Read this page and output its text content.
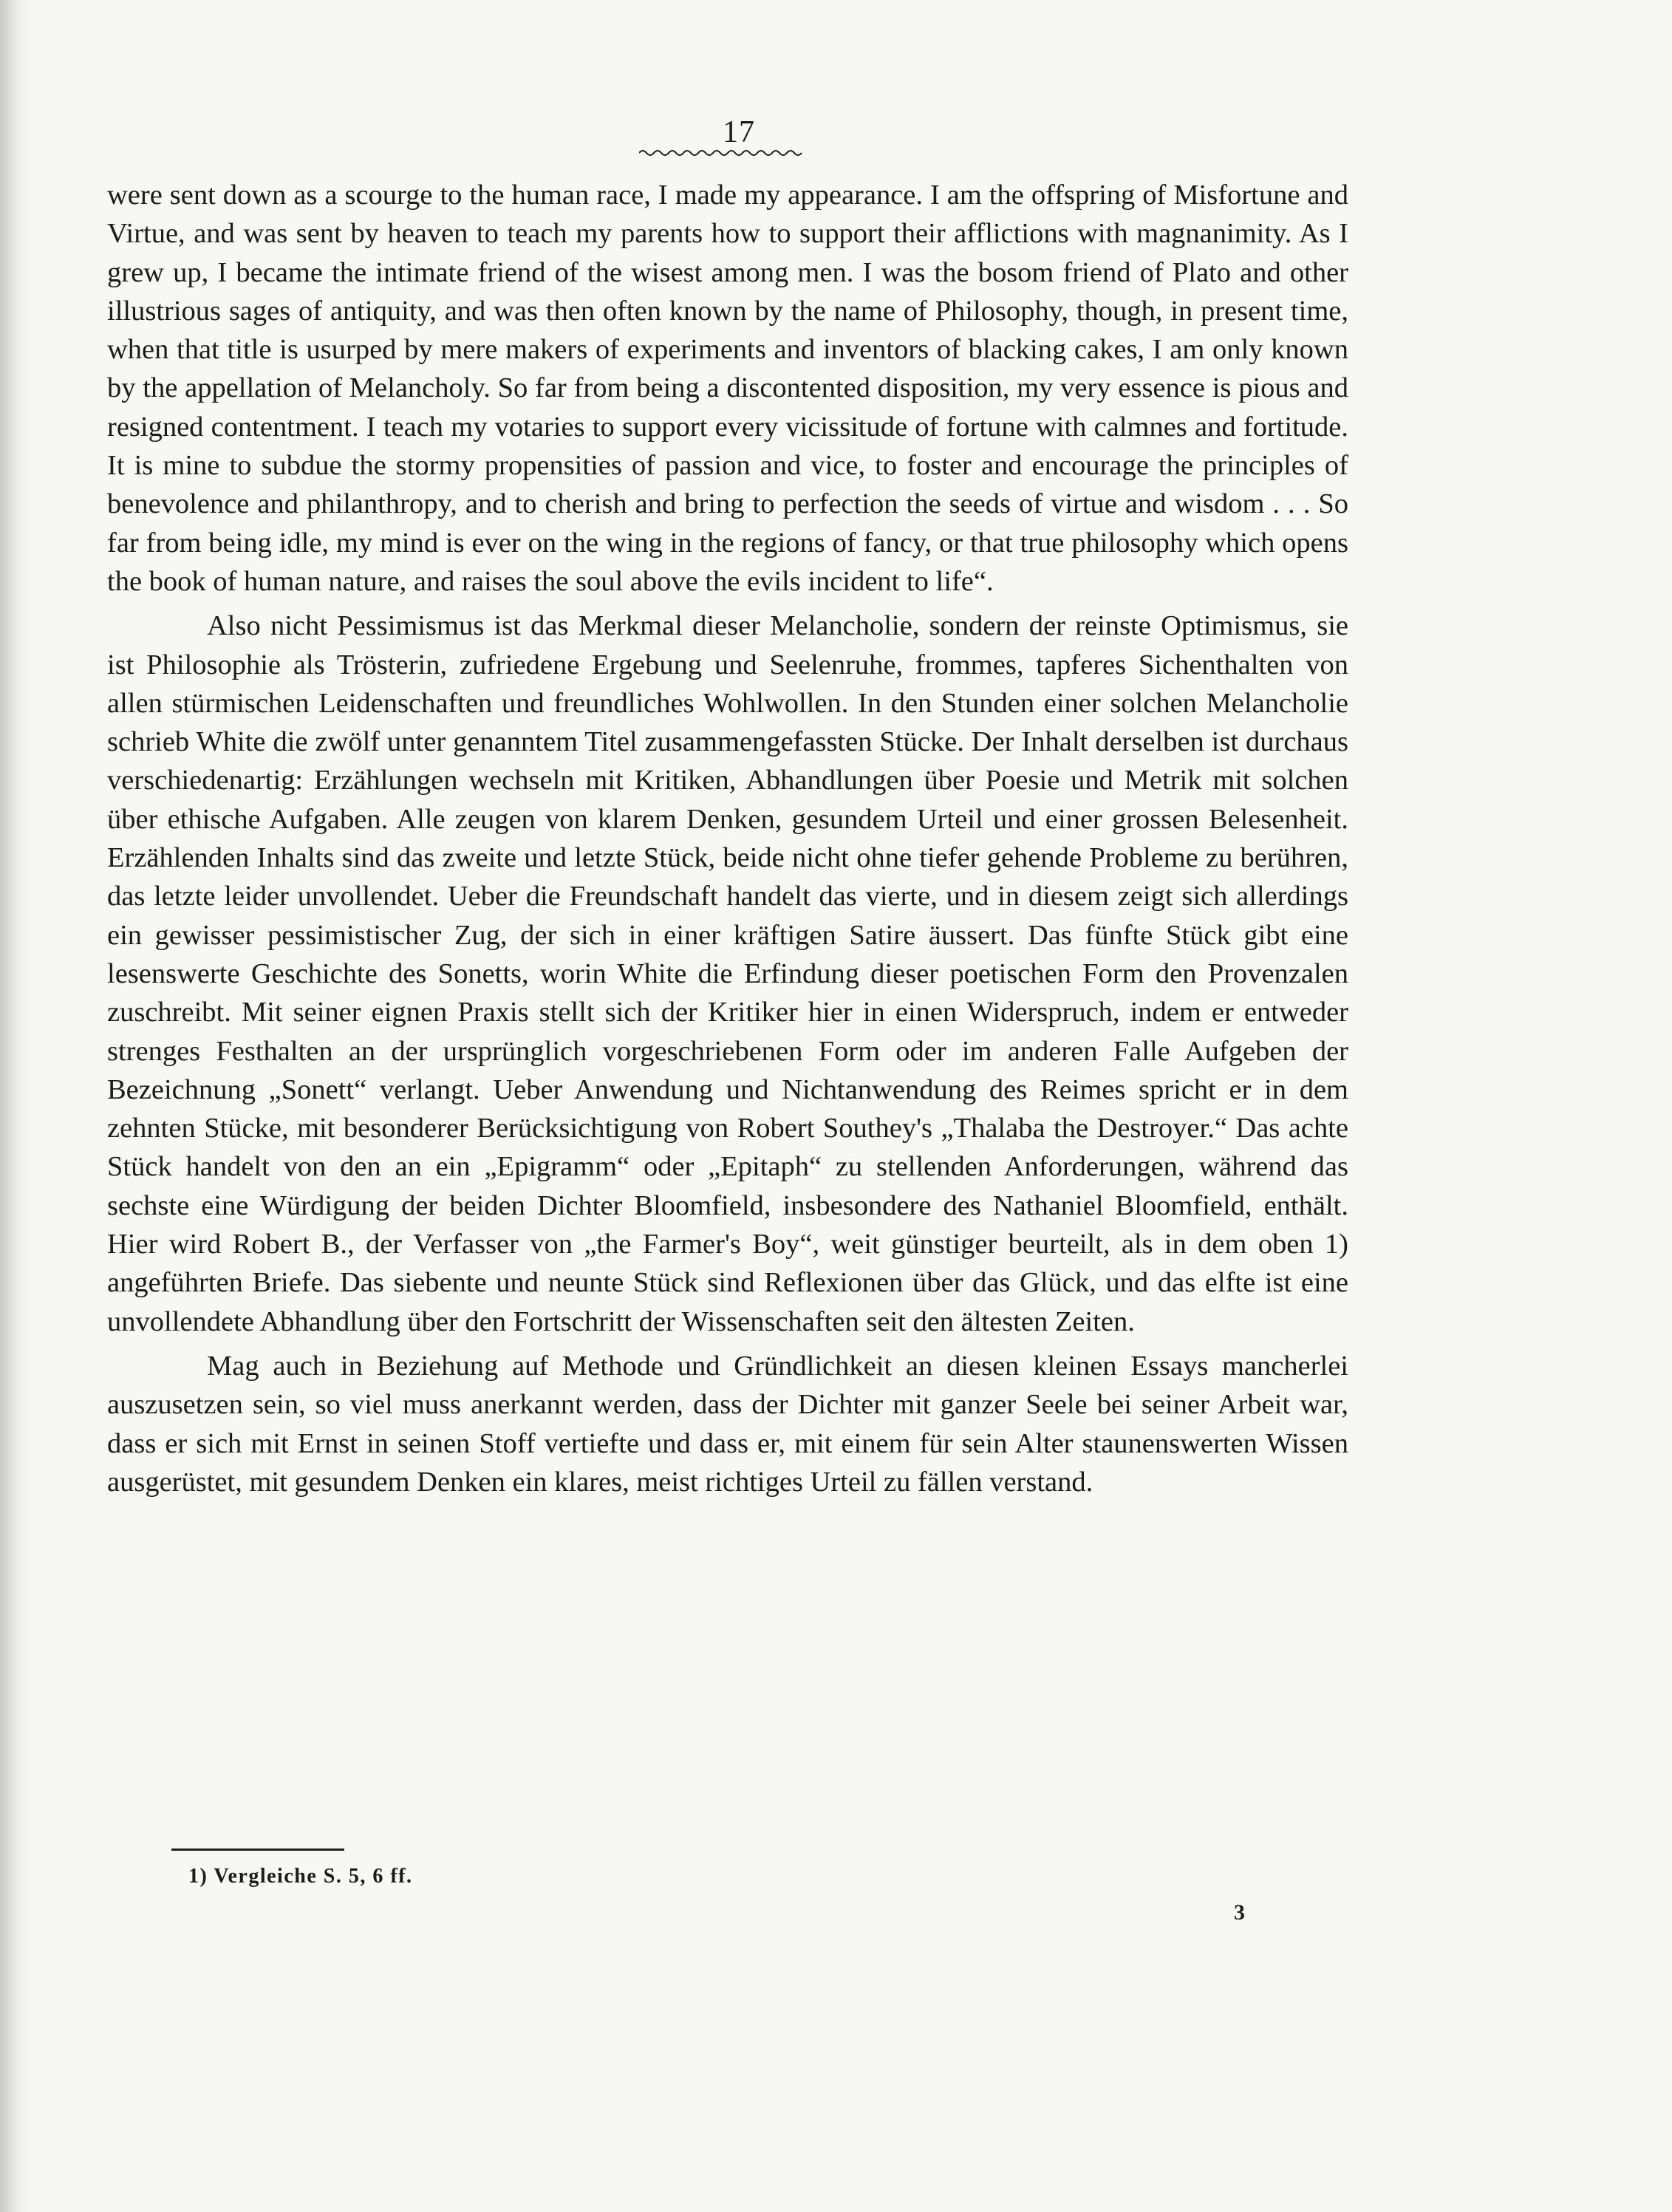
17

were sent down as a scourge to the human race, I made my appearance. I am the offspring of Misfortune and Virtue, and was sent by heaven to teach my parents how to support their afflictions with magnanimity. As I grew up, I became the intimate friend of the wisest among men. I was the bosom friend of Plato and other illustrious sages of antiquity, and was then often known by the name of Philosophy, though, in present time, when that title is usurped by mere makers of experiments and inventors of blacking cakes, I am only known by the appellation of Melancholy. So far from being a discontented disposition, my very essence is pious and resigned contentment. I teach my votaries to support every vicissitude of fortune with calmnes and fortitude. It is mine to subdue the stormy propensities of passion and vice, to foster and encourage the principles of benevolence and philanthropy, and to cherish and bring to perfection the seeds of virtue and wisdom . . . So far from being idle, my mind is ever on the wing in the regions of fancy, or that true philosophy which opens the book of human nature, and raises the soul above the evils incident to life“.

Also nicht Pessimismus ist das Merkmal dieser Melancholie, sondern der reinste Optimismus, sie ist Philosophie als Trösterin, zufriedene Ergebung und Seelenruhe, frommes, tapferes Sichenthalten von allen stürmischen Leidenschaften und freundliches Wohlwollen. In den Stunden einer solchen Melancholie schrieb White die zwölf unter genanntem Titel zusammengefassten Stücke. Der Inhalt derselben ist durchaus verschiedenartig: Erzählungen wechseln mit Kritiken, Abhandlungen über Poesie und Metrik mit solchen über ethische Aufgaben. Alle zeugen von klarem Denken, gesundem Urteil und einer grossen Belesenheit. Erzählenden Inhalts sind das zweite und letzte Stück, beide nicht ohne tiefer gehende Probleme zu berühren, das letzte leider unvollendet. Ueber die Freundschaft handelt das vierte, und in diesem zeigt sich allerdings ein gewisser pessimistischer Zug, der sich in einer kräftigen Satire äussert. Das fünfte Stück gibt eine lesenswerte Geschichte des Sonetts, worin White die Erfindung dieser poetischen Form den Provenzalen zuschreibt. Mit seiner eignen Praxis stellt sich der Kritiker hier in einen Widerspruch, indem er entweder strenges Festhalten an der ursprünglich vorgeschriebenen Form oder im anderen Falle Aufgeben der Bezeichnung „Sonett“ verlangt. Ueber Anwendung und Nichtanwendung des Reimes spricht er in dem zehnten Stücke, mit besonderer Berücksichtigung von Robert Southey's „Thalaba the Destroyer.“ Das achte Stück handelt von den an ein „Epigramm“ oder „Epitaph“ zu stellenden Anforderungen, während das sechste eine Würdigung der beiden Dichter Bloomfield, insbesondere des Nathaniel Bloomfield, enthält. Hier wird Robert B., der Verfasser von „the Farmer's Boy“, weit günstiger beurteilt, als in dem oben 1) angeführten Briefe. Das siebente und neunte Stück sind Reflexionen über das Glück, und das elfte ist eine unvollendete Abhandlung über den Fortschritt der Wissenschaften seit den ältesten Zeiten.

Mag auch in Beziehung auf Methode und Gründlichkeit an diesen kleinen Essays mancherlei auszusetzen sein, so viel muss anerkannt werden, dass der Dichter mit ganzer Seele bei seiner Arbeit war, dass er sich mit Ernst in seinen Stoff vertiefte und dass er, mit einem für sein Alter staunenswerten Wissen ausgerüstet, mit gesundem Denken ein klares, meist richtiges Urteil zu fällen verstand.

1) Vergleiche S. 5, 6 ff.
3
